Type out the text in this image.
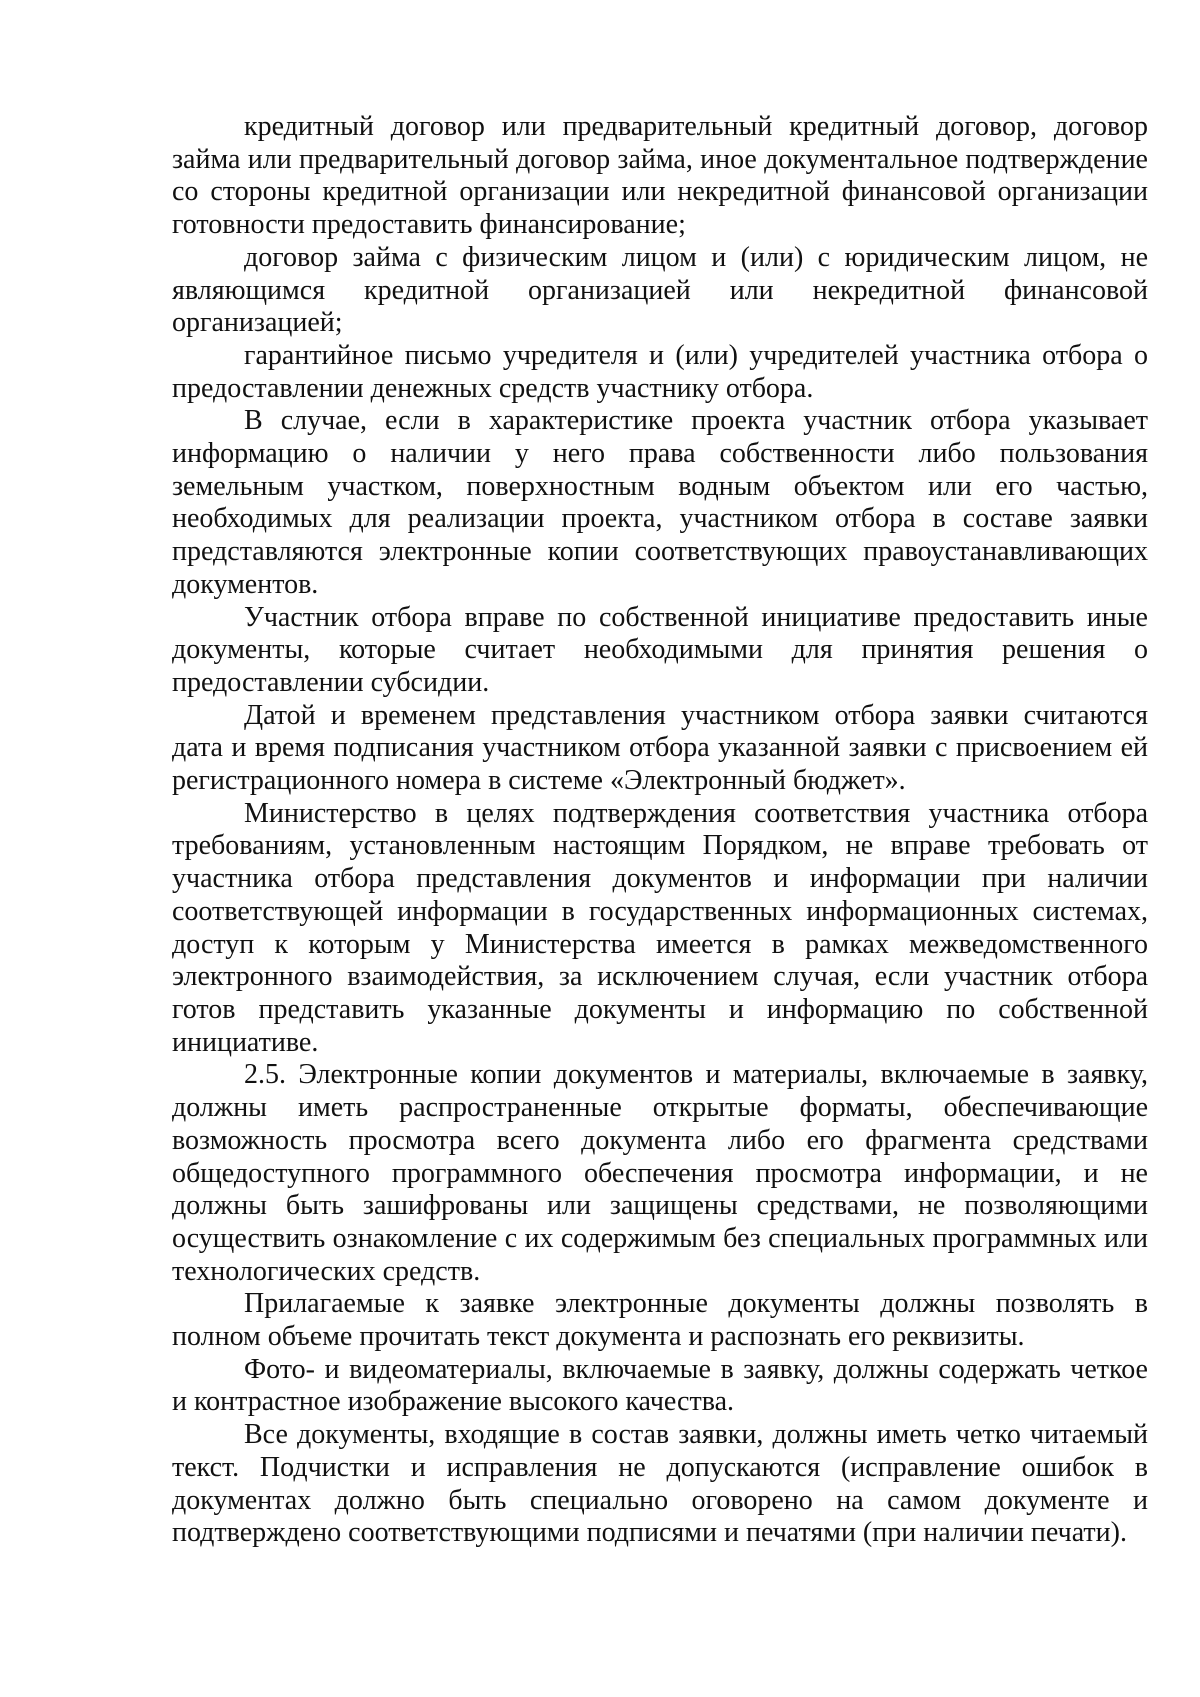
кредитный договор или предварительный кредитный договор, договор займа или предварительный договор займа, иное документальное подтверждение со стороны кредитной организации или некредитной финансовой организации готовности предоставить финансирование;

договор займа с физическим лицом и (или) с юридическим лицом, не являющимся кредитной организацией или некредитной финансовой организацией;

гарантийное письмо учредителя и (или) учредителей участника отбора о предоставлении денежных средств участнику отбора.

В случае, если в характеристике проекта участник отбора указывает информацию о наличии у него права собственности либо пользования земельным участком, поверхностным водным объектом или его частью, необходимых для реализации проекта, участником отбора в составе заявки представляются электронные копии соответствующих правоустанавливающих документов.

Участник отбора вправе по собственной инициативе предоставить иные документы, которые считает необходимыми для принятия решения о предоставлении субсидии.

Датой и временем представления участником отбора заявки считаются дата и время подписания участником отбора указанной заявки с присвоением ей регистрационного номера в системе «Электронный бюджет».

Министерство в целях подтверждения соответствия участника отбора требованиям, установленным настоящим Порядком, не вправе требовать от участника отбора представления документов и информации при наличии соответствующей информации в государственных информационных системах, доступ к которым у Министерства имеется в рамках межведомственного электронного взаимодействия, за исключением случая, если участник отбора готов представить указанные документы и информацию по собственной инициативе.

2.5. Электронные копии документов и материалы, включаемые в заявку, должны иметь распространенные открытые форматы, обеспечивающие возможность просмотра всего документа либо его фрагмента средствами общедоступного программного обеспечения просмотра информации, и не должны быть зашифрованы или защищены средствами, не позволяющими осуществить ознакомление с их содержимым без специальных программных или технологических средств.

Прилагаемые к заявке электронные документы должны позволять в полном объеме прочитать текст документа и распознать его реквизиты.

Фото- и видеоматериалы, включаемые в заявку, должны содержать четкое и контрастное изображение высокого качества.

Все документы, входящие в состав заявки, должны иметь четко читаемый текст. Подчистки и исправления не допускаются (исправление ошибок в документах должно быть специально оговорено на самом документе и подтверждено соответствующими подписями и печатями (при наличии печати).
